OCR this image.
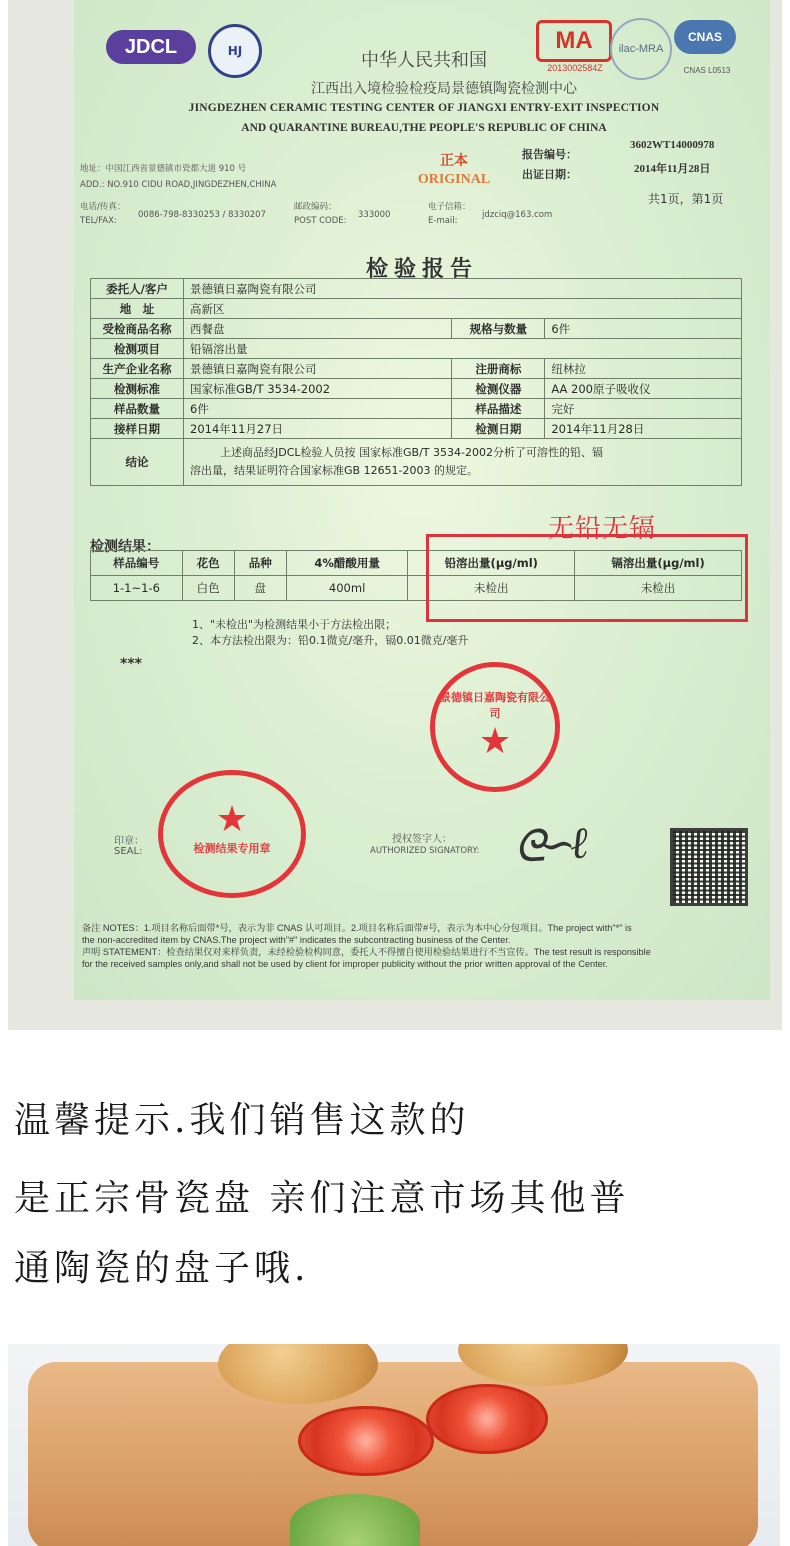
JDCL	HJ	中华人民共和国
江西出入境检验检疫局景德镇陶瓷检测中心
JINGDEZHEN CERAMIC TESTING CENTER OF JIANGXI ENTRY-EXIT INSPECTION
AND QUARANTINE BUREAU,THE PEOPLE'S REPUBLIC OF CHINA
MA
2013002584Z
ilac-MRA
CNAS
CNAS L0513
地址：中国江西省景德镇市瓷都大道 910 号
ADD.: NO.910 CIDU ROAD,JINGDEZHEN,CHINA
电话/传真：
TEL/FAX:
0086-798-8330253 / 8330207
邮政编码：
POST CODE:
333000
电子信箱：
E-mail:
jdzciq@163.com
正本
ORIGINAL
报告编号：
3602WT14000978
出证日期：	2014年11月28日
共1页，第1页
检验报告
委托人/客户	景德镇日嘉陶瓷有限公司		
地　址	高新区		
受检商品名称	西餐盘	规格与数量	6件
检测项目	铅镉溶出量		
生产企业名称	景德镇日嘉陶瓷有限公司	注册商标	纽林拉
检测标准	国家标准GB/T 3534-2002	检测仪器	AA 200原子吸收仪
样品数量	6件	样品描述	完好
接样日期	2014年11月27日	检测日期	2014年11月28日
结论	上述商品经JDCL检验人员按 国家标准GB/T 3534-2002分析了可溶性的铅、镉
溶出量，结果证明符合国家标准GB 12651-2003 的规定。		
检测结果：
无铅无镉
样品编号	花色	品种	4%醋酸用量	铅溶出量(μg/ml)	镉溶出量(μg/ml)
1-1~1-6	白色	盘	400ml	未检出	未检出
1、"未检出"为检测结果小于方法检出限；
2、本方法检出限为：铅0.1微克/毫升，镉0.01微克/毫升
***
景德镇日嘉陶瓷有限公司
★
★
检测结果专用章
印章：
SEAL:
授权签字人：
AUTHORIZED SIGNATORY: ᘓ∽ℓ
备注 NOTES：1.项目名称后面带*号，表示为非 CNAS 认可项目。2.项目名称后面带#号，表示为本中心分包项目。The project with"*" is
the non-accredited item by CNAS.The project with"#" indicates the subcontracting business of the Center.
声明 STATEMENT：检查结果仅对来样负责，未经检验检构同意，委托人不得擅自使用检验结果进行不当宣传。The test result is responsible
for the received samples only,and shall not be used by client for improper publicity without the prior written approval of the Center.
温馨提示.我们销售这款的
是正宗骨瓷盘 亲们注意市场其他普
通陶瓷的盘子哦.
